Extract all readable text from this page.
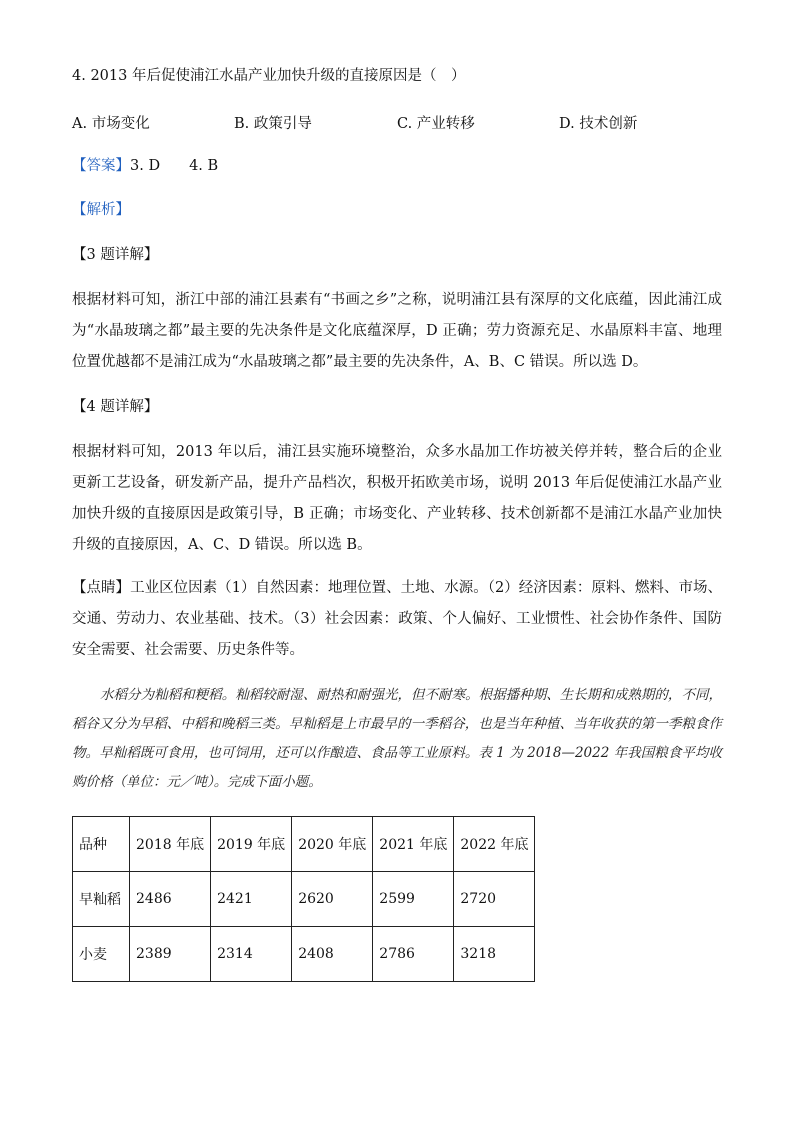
4. 2013 年后促使浦江水晶产业加快升级的直接原因是（　）
A. 市场变化	B. 政策引导	C. 产业转移	D. 技术创新
【答案】3. D　　4. B
【解析】
【3 题详解】
根据材料可知，浙江中部的浦江县素有“书画之乡”之称，说明浦江县有深厚的文化底蕴，因此浦江成为“水晶玻璃之都”最主要的先决条件是文化底蕴深厚，D 正确；劳力资源充足、水晶原料丰富、地理位置优越都不是浦江成为“水晶玻璃之都”最主要的先决条件，A、B、C 错误。所以选 D。
【4 题详解】
根据材料可知，2013 年以后，浦江县实施环境整治，众多水晶加工作坊被关停并转，整合后的企业更新工艺设备，研发新产品，提升产品档次，积极开拓欧美市场，说明 2013 年后促使浦江水晶产业加快升级的直接原因是政策引导，B 正确；市场变化、产业转移、技术创新都不是浦江水晶产业加快升级的直接原因，A、C、D 错误。所以选 B。
【点睛】工业区位因素（1）自然因素：地理位置、土地、水源。（2）经济因素：原料、燃料、市场、交通、劳动力、农业基础、技术。（3）社会因素：政策、个人偏好、工业惯性、社会协作条件、国防安全需要、社会需要、历史条件等。
水稻分为籼稻和粳稻。籼稻较耐湿、耐热和耐强光，但不耐寒。根据播种期、生长期和成熟期的，不同，稻谷又分为早稻、中稻和晚稻三类。早籼稻是上市最早的一季稻谷，也是当年种植、当年收获的第一季粮食作物。早籼稻既可食用，也可饲用，还可以作酿造、食品等工业原料。表 1 为 2018—2022 年我国粮食平均收购价格（单位：元／吨）。完成下面小题。
品种	2018 年底	2019 年底	2020 年底	2021 年底	2022 年底
早籼稻	2486	2421	2620	2599	2720
小麦	2389	2314	2408	2786	3218
